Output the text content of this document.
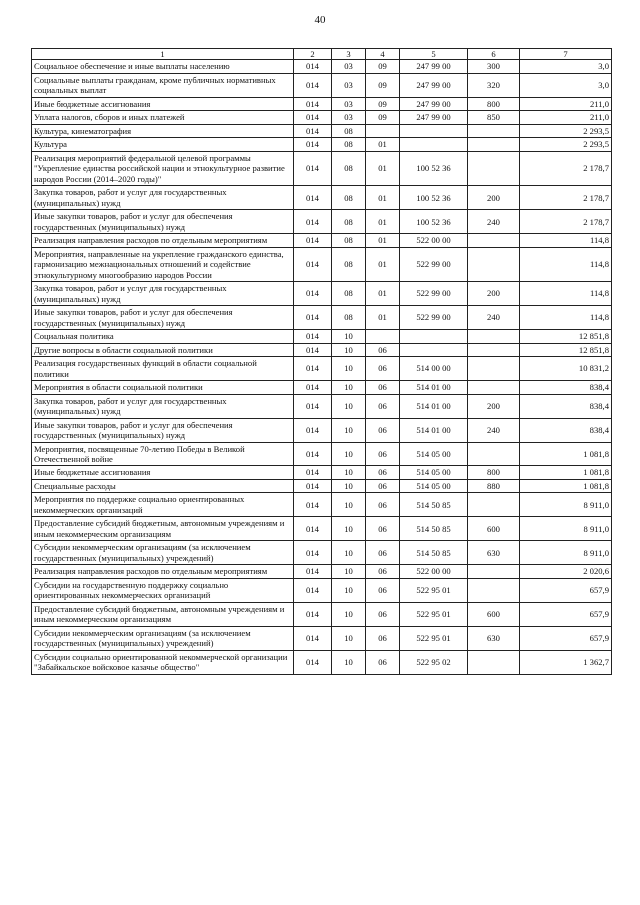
40
1	2	3	4	5	6	7
Социальное обеспечение и иные выплаты населению	014	03	09	247 99 00	300	3,0
Социальные выплаты гражданам, кроме публичных нормативных социальных выплат	014	03	09	247 99 00	320	3,0
Иные бюджетные ассигнования	014	03	09	247 99 00	800	211,0
Уплата налогов, сборов и иных платежей	014	03	09	247 99 00	850	211,0
Культура, кинематография	014	08				2 293,5
Культура	014	08	01			2 293,5
Реализация мероприятий федеральной целевой программы "Укрепление единства российской нации и этнокультурное развитие народов России (2014–2020 годы)"	014	08	01	100 52 36		2 178,7
Закупка товаров, работ и услуг для государственных (муниципальных) нужд	014	08	01	100 52 36	200	2 178,7
Иные закупки товаров, работ и услуг для обеспечения государственных (муниципальных) нужд	014	08	01	100 52 36	240	2 178,7
Реализация направления расходов по отдельным мероприятиям	014	08	01	522 00 00		114,8
Мероприятия, направленные на укрепление гражданского единства, гармонизацию межнациональных отношений и содействие этнокультурному многообразию народов России	014	08	01	522 99 00		114,8
Закупка товаров, работ и услуг для государственных (муниципальных) нужд	014	08	01	522 99 00	200	114,8
Иные закупки товаров, работ и услуг для обеспечения государственных (муниципальных) нужд	014	08	01	522 99 00	240	114,8
Социальная политика	014	10				12 851,8
Другие вопросы в области социальной политики	014	10	06			12 851,8
Реализация государственных функций в области социальной политики	014	10	06	514 00 00		10 831,2
Мероприятия в области социальной политики	014	10	06	514 01 00		838,4
Закупка товаров, работ и услуг для государственных (муниципальных) нужд	014	10	06	514 01 00	200	838,4
Иные закупки товаров, работ и услуг для обеспечения государственных (муниципальных) нужд	014	10	06	514 01 00	240	838,4
Мероприятия, посвященные 70-летию Победы в Великой Отечественной войне	014	10	06	514 05 00		1 081,8
Иные бюджетные ассигнования	014	10	06	514 05 00	800	1 081,8
Специальные расходы	014	10	06	514 05 00	880	1 081,8
Мероприятия по поддержке социально ориентированных некоммерческих организаций	014	10	06	514 50 85		8 911,0
Предоставление субсидий бюджетным, автономным учреждениям и иным некоммерческим организациям	014	10	06	514 50 85	600	8 911,0
Субсидии некоммерческим организациям (за исключением государственных (муниципальных) учреждений)	014	10	06	514 50 85	630	8 911,0
Реализация направления расходов по отдельным мероприятиям	014	10	06	522 00 00		2 020,6
Субсидии на государственную поддержку социально ориентированных некоммерческих организаций	014	10	06	522 95 01		657,9
Предоставление субсидий бюджетным, автономным учреждениям и иным некоммерческим организациям	014	10	06	522 95 01	600	657,9
Субсидии некоммерческим организациям (за исключением государственных (муниципальных) учреждений)	014	10	06	522 95 01	630	657,9
Субсидии социально ориентированной некоммерческой организации "Забайкальское войсковое казачье общество"	014	10	06	522 95 02		1 362,7
